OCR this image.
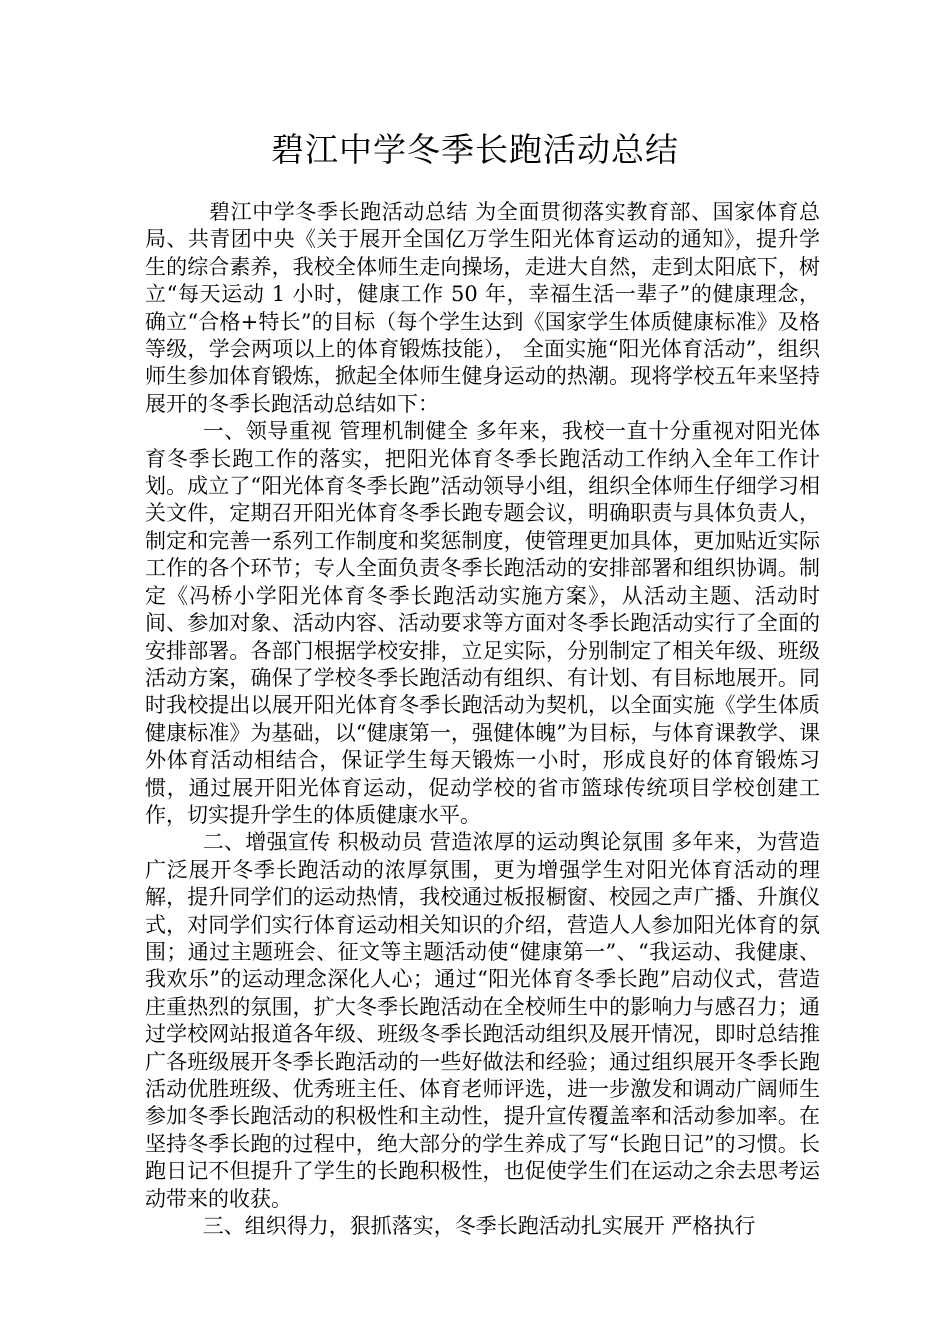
碧江中学冬季长跑活动总结

碧江中学冬季长跑活动总结 为全面贯彻落实教育部、国家体育总局、共青团中央《关于展开全国亿万学生阳光体育运动的通知》，提升学生的综合素养，我校全体师生走向操场，走进大自然，走到太阳底下，树立“每天运动 1 小时，健康工作 50 年，幸福生活一辈子”的健康理念，确立“合格+特长”的目标（每个学生达到《国家学生体质健康标准》及格等级，学会两项以上的体育锻炼技能）， 全面实施“阳光体育活动”，组织师生参加体育锻炼，掀起全体师生健身运动的热潮。现将学校五年来坚持展开的冬季长跑活动总结如下：

一、领导重视 管理机制健全 多年来，我校一直十分重视对阳光体育冬季长跑工作的落实，把阳光体育冬季长跑活动工作纳入全年工作计划。成立了“阳光体育冬季长跑”活动领导小组，组织全体师生仔细学习相关文件，定期召开阳光体育冬季长跑专题会议，明确职责与具体负责人，制定和完善一系列工作制度和奖惩制度，使管理更加具体，更加贴近实际工作的各个环节；专人全面负责冬季长跑活动的安排部署和组织协调。制定《冯桥小学阳光体育冬季长跑活动实施方案》，从活动主题、活动时间、参加对象、活动内容、活动要求等方面对冬季长跑活动实行了全面的安排部署。各部门根据学校安排，立足实际，分别制定了相关年级、班级活动方案，确保了学校冬季长跑活动有组织、有计划、有目标地展开。同时我校提出以展开阳光体育冬季长跑活动为契机，以全面实施《学生体质健康标准》为基础，以“健康第一，强健体魄”为目标，与体育课教学、课外体育活动相结合，保证学生每天锻炼一小时，形成良好的体育锻炼习惯，通过展开阳光体育运动，促动学校的省市篮球传统项目学校创建工作，切实提升学生的体质健康水平。

二、增强宣传 积极动员 营造浓厚的运动舆论氛围 多年来，为营造广泛展开冬季长跑活动的浓厚氛围，更为增强学生对阳光体育活动的理解，提升同学们的运动热情，我校通过板报橱窗、校园之声广播、升旗仪式，对同学们实行体育运动相关知识的介绍，营造人人参加阳光体育的氛围；通过主题班会、征文等主题活动使“健康第一”、“我运动、我健康、我欢乐”的运动理念深化人心；通过“阳光体育冬季长跑”启动仪式，营造庄重热烈的氛围，扩大冬季长跑活动在全校师生中的影响力与感召力；通过学校网站报道各年级、班级冬季长跑活动组织及展开情况，即时总结推广各班级展开冬季长跑活动的一些好做法和经验；通过组织展开冬季长跑活动优胜班级、优秀班主任、体育老师评选，进一步激发和调动广阔师生参加冬季长跑活动的积极性和主动性，提升宣传覆盖率和活动参加率。在坚持冬季长跑的过程中，绝大部分的学生养成了写“长跑日记”的习惯。长跑日记不但提升了学生的长跑积极性，也促使学生们在运动之余去思考运动带来的收获。

三、组织得力，狠抓落实，冬季长跑活动扎实展开 严格执行
